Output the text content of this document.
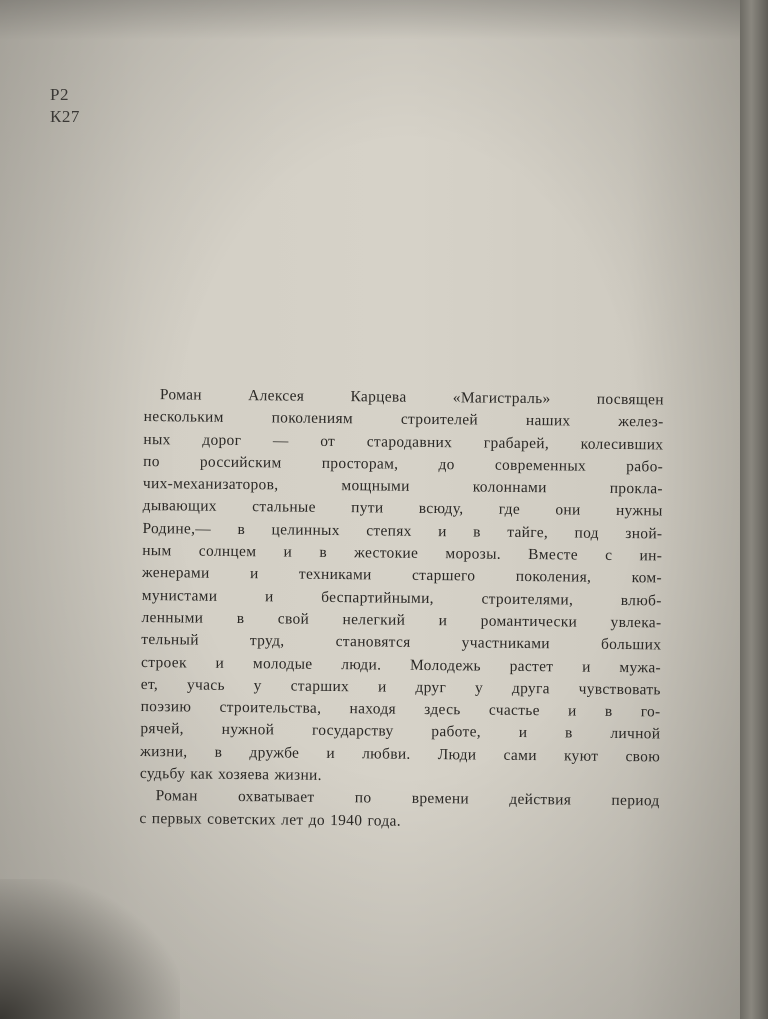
Р2
К27
Роман Алексея Карцева «Магистраль» посвящен
нескольким поколениям строителей наших желез-
ных дорог — от стародавних грабарей, колесивших
по российским просторам, до современных рабо-
чих-механизаторов, мощными колоннами прокла-
дывающих стальные пути всюду, где они нужны
Родине,— в целинных степях и в тайге, под зной-
ным солнцем и в жестокие морозы. Вместе с ин-
женерами и техниками старшего поколения, ком-
мунистами и беспартийными, строителями, влюб-
ленными в свой нелегкий и романтически увлека-
тельный труд, становятся участниками больших
строек и молодые люди. Молодежь растет и мужа-
ет, учась у старших и друг у друга чувствовать
поэзию строительства, находя здесь счастье и в го-
рячей, нужной государству работе, и в личной
жизни, в дружбе и любви. Люди сами куют свою
судьбу как хозяева жизни.
Роман охватывает по времени действия период
с первых советских лет до 1940 года.
